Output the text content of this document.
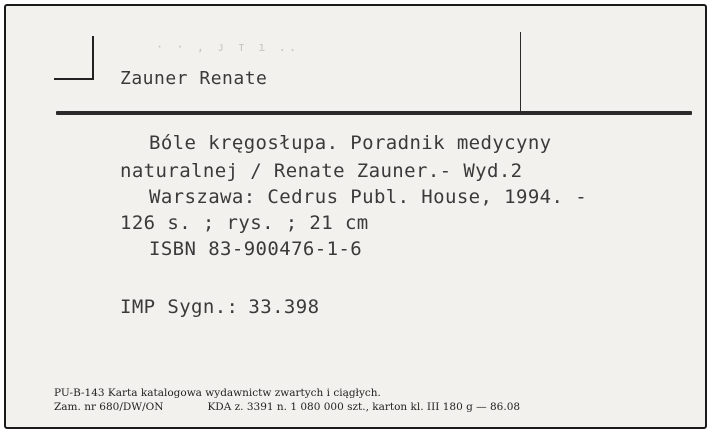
· · , ᴊ т ı ..
Zauner Renate
Bóle kręgosłupa. Poradnik medycyny
naturalnej / Renate Zauner.- Wyd.2
Warszawa: Cedrus Publ. House, 1994. -
126 s. ; rys. ; 21 cm
ISBN 83-900476-1-6
IMP Sygn.: 33.398
PU-B-143 Karta katalogowa wydawnictw zwartych i ciągłych.
Zam. nr 680/DW/ON	KDA z. 3391 n. 1 080 000 szt., karton kl. III 180 g — 86.08
